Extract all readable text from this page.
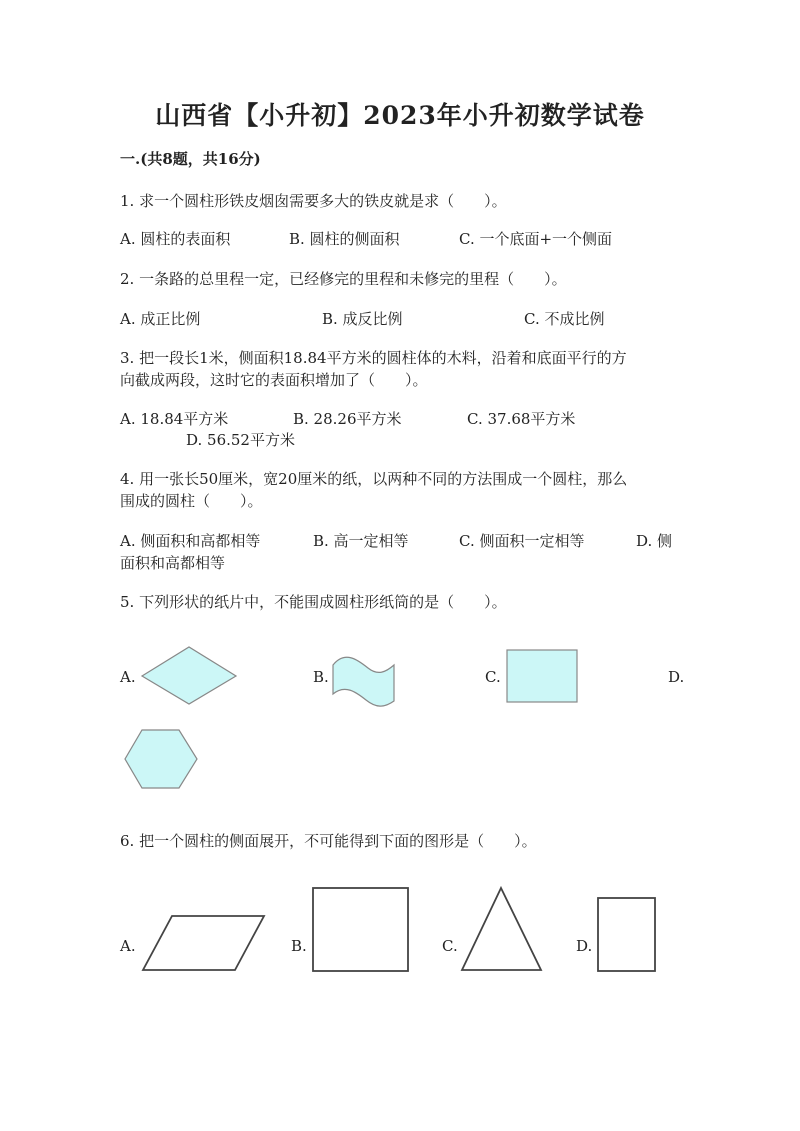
山西省【小升初】2023年小升初数学试卷
一.(共8题，共16分)
1. 求一个圆柱形铁皮烟囱需要多大的铁皮就是求（　　）。
A. 圆柱的表面积	B. 圆柱的侧面积	C. 一个底面+一个侧面
2. 一条路的总里程一定，已经修完的里程和未修完的里程（　　）。
A. 成正比例	B. 成反比例	C. 不成比例
3. 把一段长1米，侧面积18.84平方米的圆柱体的木料，沿着和底面平行的方
向截成两段，这时它的表面积增加了（　　）。
A. 18.84平方米	B. 28.26平方米	C. 37.68平方米
D. 56.52平方米
4. 用一张长50厘米，宽20厘米的纸，以两种不同的方法围成一个圆柱，那么
围成的圆柱（　　）。
A. 侧面积和高都相等	B. 高一定相等	C. 侧面积一定相等	D. 侧
面积和高都相等
5. 下列形状的纸片中，不能围成圆柱形纸筒的是（　　）。
A.	B.	C.	D.
6. 把一个圆柱的侧面展开，不可能得到下面的图形是（　　）。
A.	B.	C.	D.
